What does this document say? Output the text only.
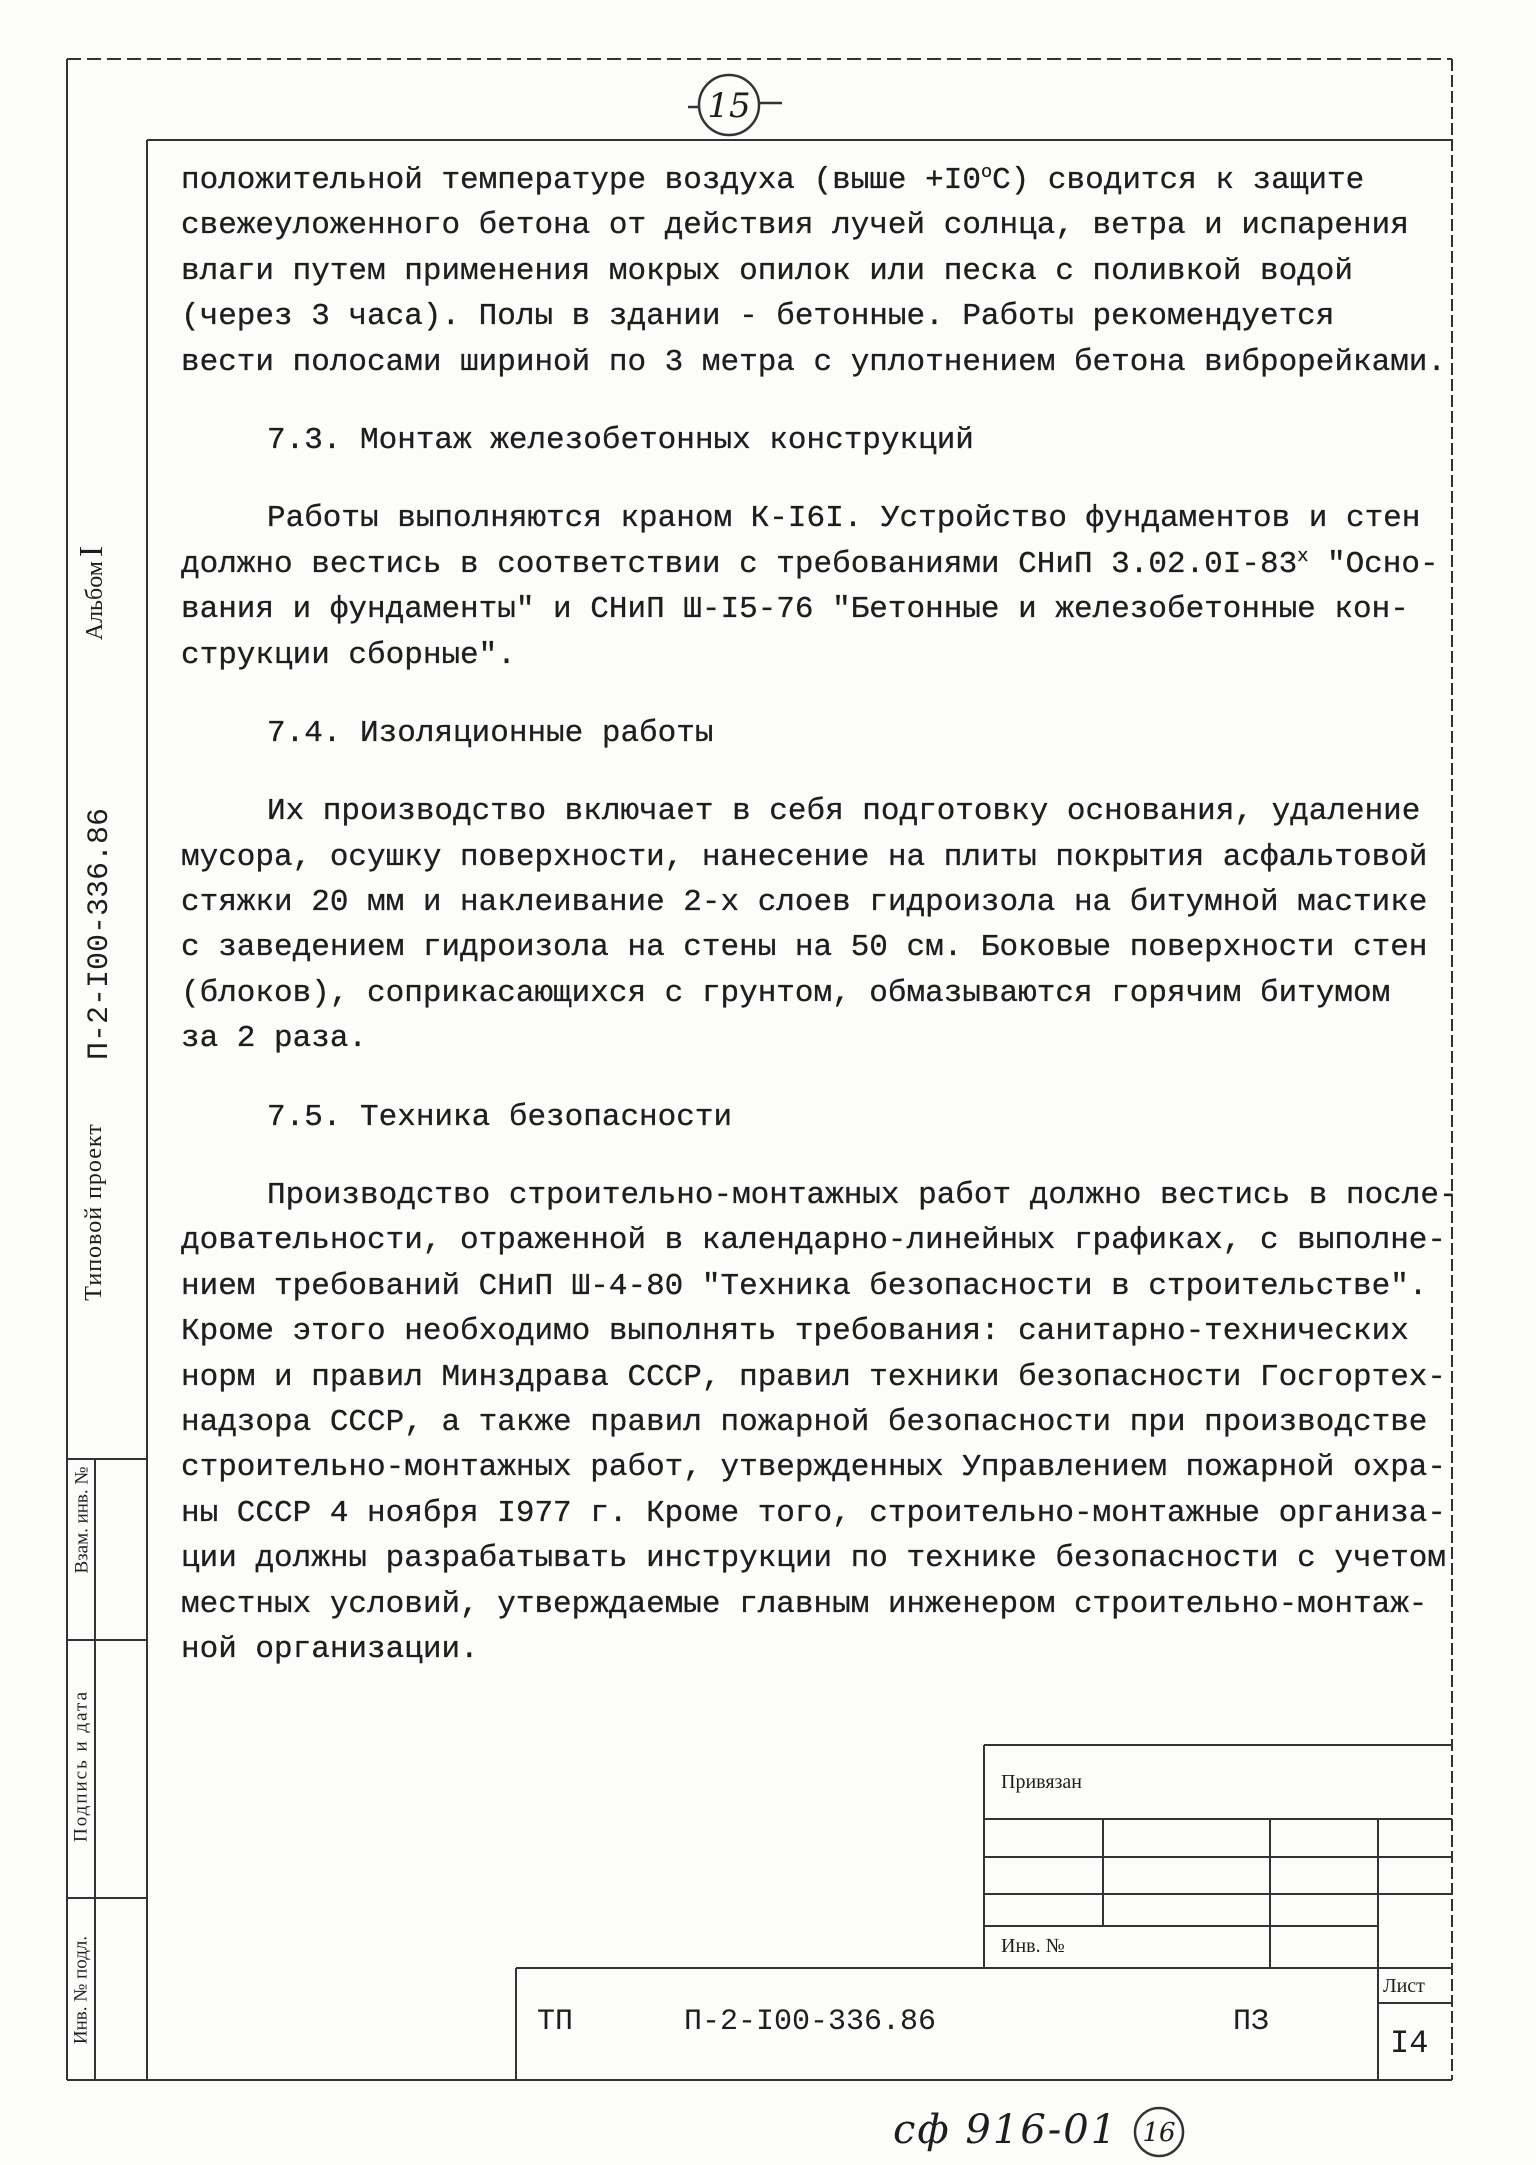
15
положительной температуре воздуха (выше $+I0^oС$) сводится к защите
свежеуложенного бетона от действия лучей солнца, ветра и испарения
влаги путем применения мокрых опилок или песка с поливкой водой
(через 3 часа). Полы в здании - бетонные. Работы рекомендуется
вести полосами шириной по 3 метра с уплотнением бетона виброрейками.
7.3. Монтаж железобетонных конструкций
Работы выполняются краном К-I6I. Устройство фундаментов и стен
должно вестись в соответствии с требованиями СНиП 3.02.0I-83$^x$ "Осно-
вания и фундаменты" и СНиП Ш-I5-76 "Бетонные и железобетонные кон-
струкции сборные".
7.4. Изоляционные работы
Их производство включает в себя подготовку основания, удаление
мусора, осушку поверхности, нанесение на плиты покрытия асфальтовой
стяжки 20 мм и наклеивание 2-х слоев гидроизола на битумной мастике
с заведением гидроизола на стены на 50 см. Боковые поверхности стен
(блоков), соприкасающихся с грунтом, обмазываются горячим битумом
за 2 раза.
7.5. Техника безопасности
Производство строительно-монтажных работ должно вестись в после-
довательности, отраженной в календарно-линейных графиках, с выполне-
нием требований СНиП Ш-4-80 "Техника безопасности в строительстве".
Кроме этого необходимо выполнять требования: санитарно-технических
норм и правил Минздрава СССР, правил техники безопасности Госгортех-
надзора СССР, а также правил пожарной безопасности при производстве
строительно-монтажных работ, утвержденных Управлением пожарной охра-
ны СССР 4 ноября I977 г. Кроме того, строительно-монтажные организа-
ции должны разрабатывать инструкции по технике безопасности с учетом
местных условий, утверждаемые главным инженером строительно-монтаж-
ной организации.
Альбом I
П-2-I00-336.86
Типовой проект
Взам. инв. №
Подпись и дата
Инв. № подл.
Привязан
Инв. №
ТП	П-2-I00-336.86	ПЗ
Лист
I4
сф 916-01 16
